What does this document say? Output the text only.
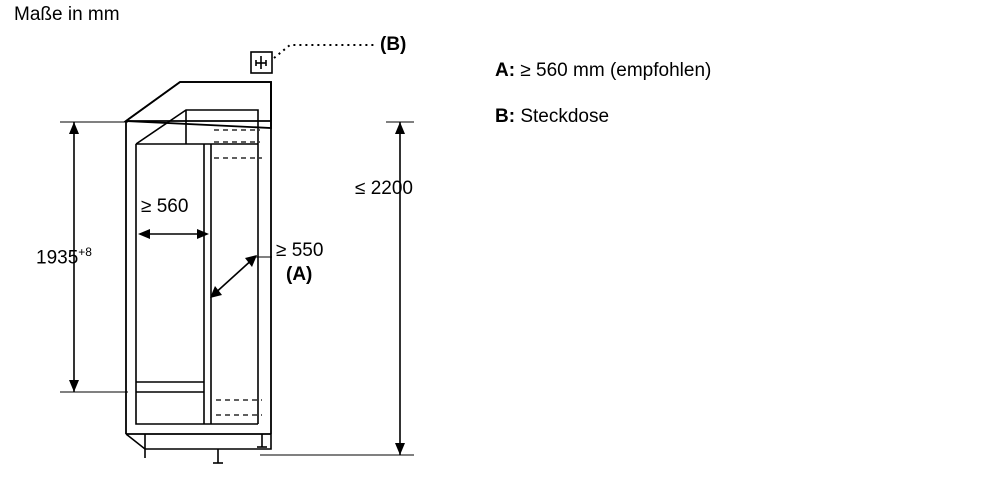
Maße in mm
$1935^{+8}$
≥ 560
≥ 550
(A)
≤ 2200
(B)
A: ≥ 560 mm (empfohlen)
B: Steckdose
